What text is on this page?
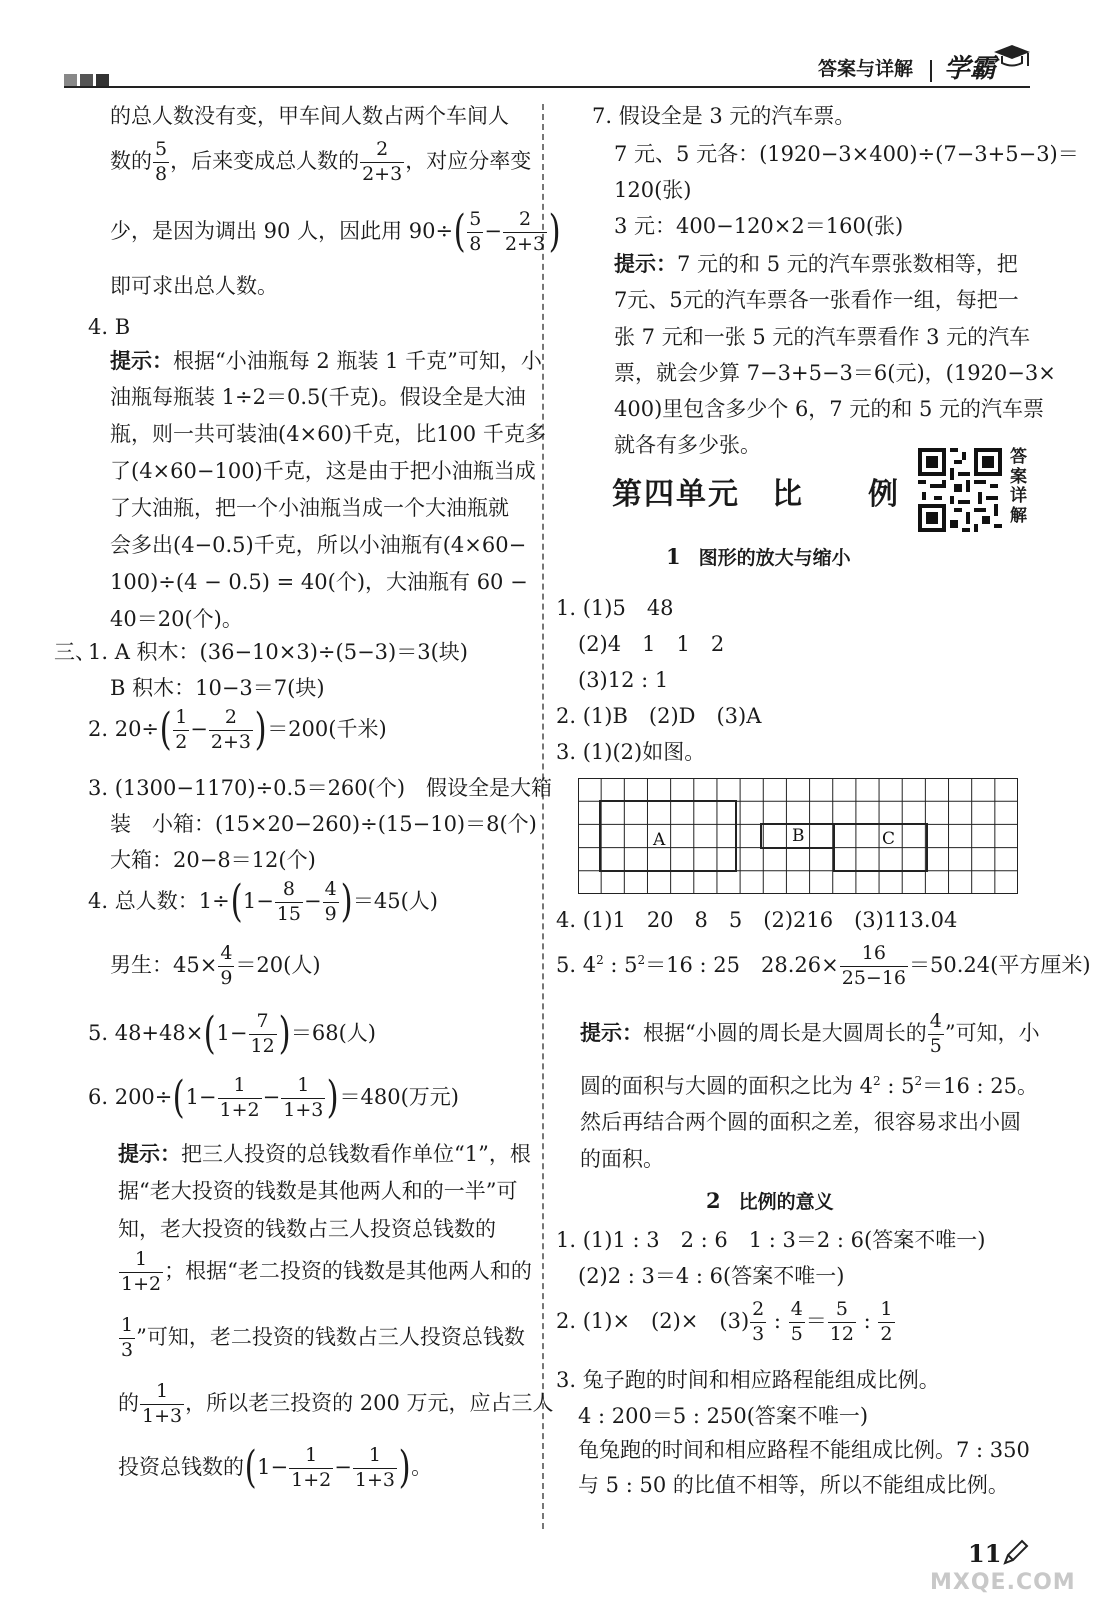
答案与详解 学霸
的总人数没有变，甲车间人数占两个车间人
数的 $\frac{5}{8}$ ，后来变成总人数的 $\frac{2}{2+3}$ ，对应分率变
少，是因为调出 90 人，因此用 $90\div( \frac{5}{8} - \frac{2}{2+3}$ )
即可求出总人数。
4. B
提示：根据“小油瓶每 2 瓶装 1 千克”可知，小
油瓶每瓶装 1÷2＝0.5(千克)。假设全是大油
瓶，则一共可装油(4×60)千克，比100 千克多
了(4×60−100)千克，这是由于把小油瓶当成
了大油瓶，把一个小油瓶当成一个大油瓶就
会多出(4−0.5)千克，所以小油瓶有(4×60−
100)÷(4 − 0.5) = 40(个)，大油瓶有 60 −
40＝20(个)。
三、
1. A 积木：(36−10×3)÷(5−3)＝3(块)
B 积木：10−3＝7(块)
2. $20\div( \frac{1}{2} - \frac{2}{2+3} )=200$(千米)
3. (1300−1170)÷0.5＝260(个)　假设全是大箱
装　小箱：(15×20−260)÷(15−10)＝8(个)
大箱：20−8＝12(个)
4. 总人数：$1\div(1- \frac{8}{15} - \frac{4}{9} )=45$(人)
男生：$45\times \frac{4}{9} =20$(人)
5. $48+48\times(1- \frac{7}{12} )=68$(人)
6. $200\div(1- \frac{1}{1+2} - \frac{1}{1+3} )=480$(万元)
提示：把三人投资的总钱数看作单位“1”，根
据“老大投资的钱数是其他两人和的一半”可
知，老大投资的钱数占三人投资总钱数的
$\frac{1}{1+2}$ ；根据“老二投资的钱数是其他两人和的
$\frac{1}{3}$ ”可知，老二投资的钱数占三人投资总钱数
的 $\frac{1}{1+3}$ ，所以老三投资的 200 万元，应占三人
投资总钱数的($1- \frac{1}{1+2} - \frac{1}{1+3}$ )。
7. 假设全是 3 元的汽车票。
7 元、5 元各：(1920−3×400)÷(7−3+5−3)＝
120(张)
3 元：400−120×2＝160(张)
提示：7 元的和 5 元的汽车票张数相等，把
7元、5元的汽车票各一张看作一组，每把一
张 7 元和一张 5 元的汽车票看作 3 元的汽车
票，就会少算 7−3+5−3＝6(元)，(1920−3×
400)里包含多少个 6，7 元的和 5 元的汽车票
就各有多少张。
第四单元　比　　例
答案详解
1 图形的放大与缩小
1. (1)5　48
(2)4　1　1　2
(3)12 : 1
2. (1)B　(2)D　(3)A
3. (1)(2)如图。
A	B	C
4. (1)1　20　8　5　(2)216　(3)113.04
5. $4^2$ : $5^2=16$ : 25　$28.26\times \frac{16}{25-16} =50.24$(平方厘米)
提示：根据“小圆的周长是大圆周长的 $\frac{4}{5}$ ”可知，小
圆的面积与大圆的面积之比为 $4^2$ : $5^2=16$ : 25。
然后再结合两个圆的面积之差，很容易求出小圆
的面积。
2 比例的意义
1. (1)1 : 3　2 : 6　1 : 3＝2 : 6(答案不唯一)
(2)2 : 3＝4 : 6(答案不唯一)
2. (1)×　(2)×　$(3) \frac{2}{3}$ : $\frac{4}{5} = \frac{5}{12}$ : $\frac{1}{2}$
3. 兔子跑的时间和相应路程能组成比例。
4 : 200＝5 : 250(答案不唯一)
龟兔跑的时间和相应路程不能组成比例。7 : 350
与 5 : 50 的比值不相等，所以不能组成比例。
11
MXQE.COM
